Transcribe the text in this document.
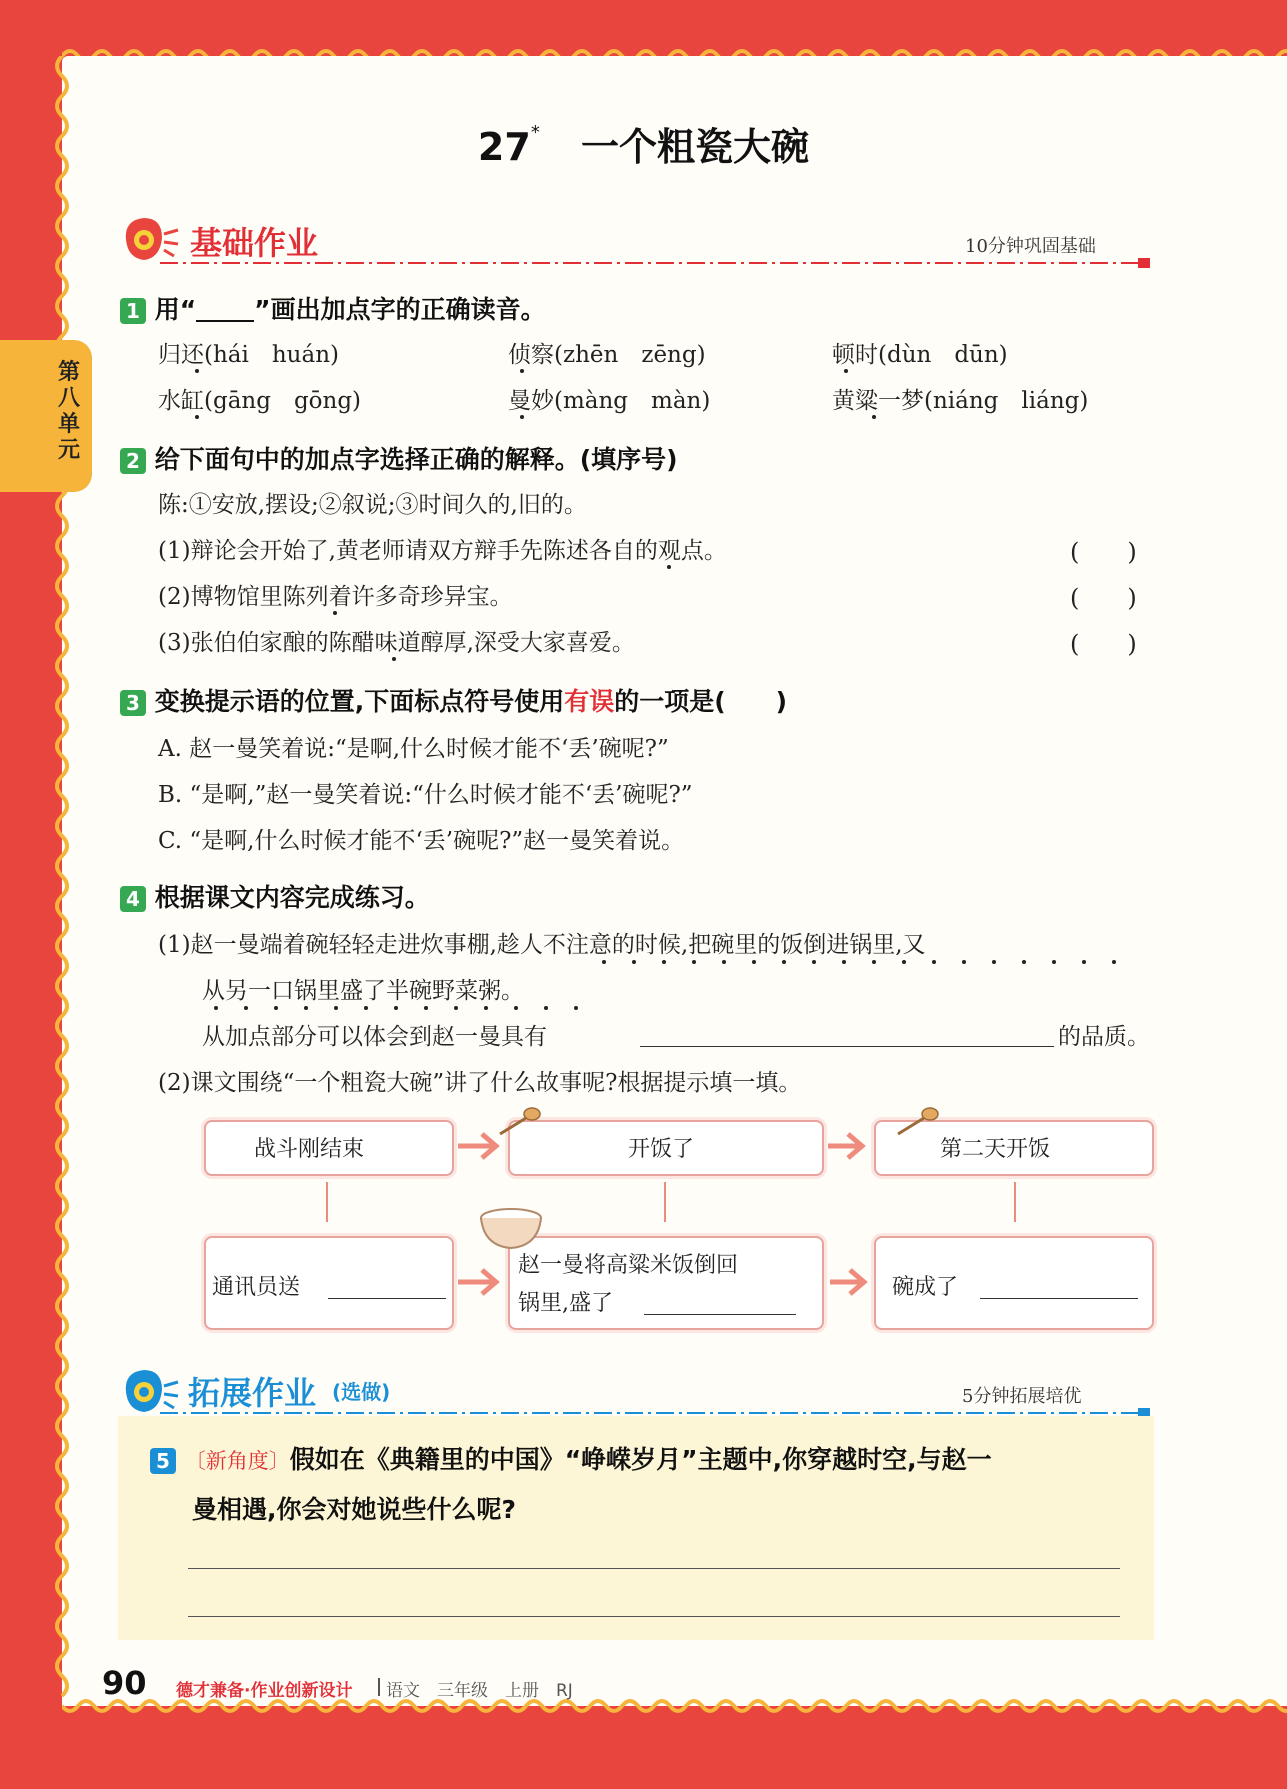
第八单元
27* 一个粗瓷大碗
基础作业	10分钟巩固基础
1 用“ ”画出加点字的正确读音。
归还(hái　huán)	侦察(zhēn　zēng)	顿时(dùn　dūn)
水缸(gāng　gōng)	曼妙(màng　màn)	黄粱一梦(niáng　liáng)
2 给下面句中的加点字选择正确的解释。(填序号)
陈:①安放,摆设;②叙说;③时间久的,旧的。
(1)辩论会开始了,黄老师请双方辩手先陈述各自的观点。	(　　)
(2)博物馆里陈列着许多奇珍异宝。	(　　)
(3)张伯伯家酿的陈醋味道醇厚,深受大家喜爱。	(　　)
3 变换提示语的位置,下面标点符号使用有误的一项是(　　)
A. 赵一曼笑着说:“是啊,什么时候才能不‘丢’碗呢?”
B. “是啊,”赵一曼笑着说:“什么时候才能不‘丢’碗呢?”
C. “是啊,什么时候才能不‘丢’碗呢?”赵一曼笑着说。
4 根据课文内容完成练习。
(1)赵一曼端着碗轻轻走进炊事棚,趁人不注意的时候,把碗里的饭倒进锅里,又
从另一口锅里盛了半碗野菜粥。
从加点部分可以体会到赵一曼具有	的品质。
(2)课文围绕“一个粗瓷大碗”讲了什么故事呢?根据提示填一填。
战斗刚结束	开饭了	第二天开饭
通讯员送
赵一曼将高粱米饭倒回
锅里,盛了
碗成了
拓展作业 (选做)	5分钟拓展培优
5 〔新角度〕假如在《典籍里的中国》“峥嵘岁月”主题中,你穿越时空,与赵一
曼相遇,你会对她说些什么呢?
90 德才兼备·作业创新设计 语文　三年级　上册　RJ
